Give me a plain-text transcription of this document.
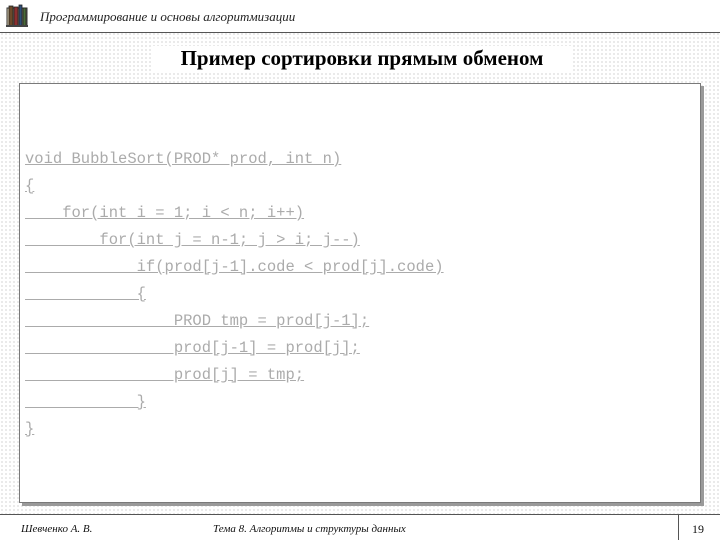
Программирование и основы алгоритмизации
Пример сортировки прямым обменом
void BubbleSort(PROD* prod, int n)
{
for(int i = 1; i < n; i++)
for(int j = n-1; j > i; j--)
if(prod[j-1].code < prod[j].code)
{
PROD tmp = prod[j-1];
prod[j-1] = prod[j];
prod[j] = tmp;
}
}
Шевченко А. В.	Тема 8. Алгоритмы и структуры данных	19
